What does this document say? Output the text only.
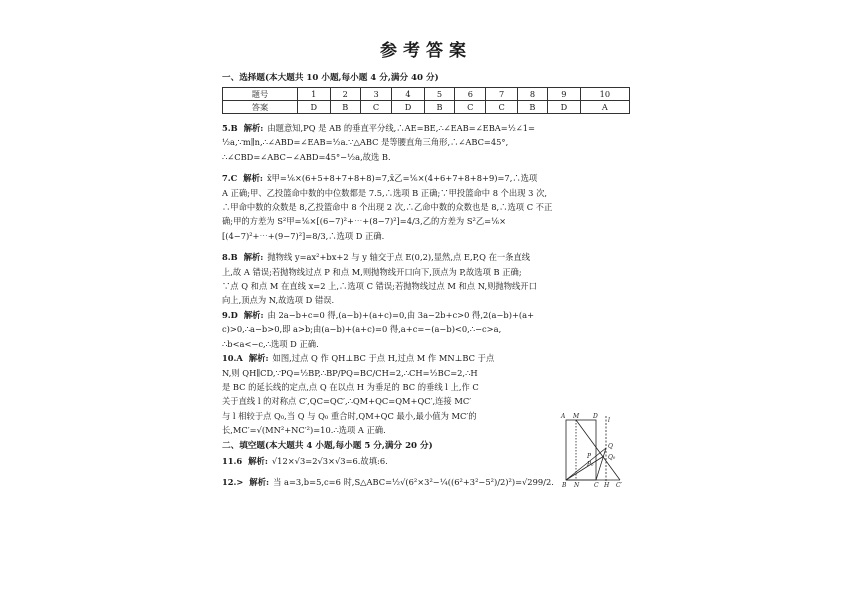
参考答案
一、选择题(本大题共 10 小题,每小题 4 分,满分 40 分)
题号	1	2	3	4	5	6	7	8	9	10
答案	D	B	C	D	B	C	C	B	D	A
5.B 解析: 由题意知,PQ 是 AB 的垂直平分线,∴AE=BE,∴∠EAB=∠EBA=½∠1=
½a,∵m∥n,∴∠ABD=∠EAB=½a.∵△ABC 是等腰直角三角形,∴∠ABC=45°,
∴∠CBD=∠ABC−∠ABD=45°−½a,故选 B.
7.C 解析: x̄甲=⅙×(6+5+8+7+8+8)=7,x̄乙=⅙×(4+6+7+8+8+9)=7,∴选项
A 正确;甲、乙投篮命中数的中位数都是 7.5,∴选项 B 正确;∵甲投篮命中 8 个出现 3 次,
∴甲命中数的众数是 8,乙投篮命中 8 个出现 2 次,∴乙命中数的众数也是 8,∴选项 C 不正
确;甲的方差为 S²甲=⅙×[(6−7)²+⋯+(8−7)²]=4/3,乙的方差为 S²乙=⅙×
[(4−7)²+⋯+(9−7)²]=8/3,∴选项 D 正确.
8.B 解析: 抛物线 y=ax²+bx+2 与 y 轴交于点 E(0,2),显然,点 E,P,Q 在一条直线
上,故 A 错误;若抛物线过点 P 和点 M,则抛物线开口向下,顶点为 P,故选项 B 正确;
∵点 Q 和点 M 在直线 x=2 上,∴选项 C 错误;若抛物线过点 M 和点 N,则抛物线开口
向上,顶点为 N,故选项 D 错误.
9.D 解析: 由 2a−b+c=0 得,(a−b)+(a+c)=0,由 3a−2b+c>0 得,2(a−b)+(a+
c)>0,∴a−b>0,即 a>b;由(a−b)+(a+c)=0 得,a+c=−(a−b)<0,∴−c>a,
∴b<a<−c,∴选项 D 正确.
10.A 解析: 如图,过点 Q 作 QH⊥BC 于点 H,过点 M 作 MN⊥BC 于点
N,则 QH∥CD,∵PQ=½BP,∴BP/PQ=BC/CH=2,∴CH=½BC=2,∴H
是 BC 的延长线的定点,点 Q 在以点 H 为垂足的 BC 的垂线 l 上,作 C
关于直线 l 的对称点 C′,QC=QC′,∴QM+QC=QM+QC′,连接 MC′
与 l 相较于点 Q₀,当 Q 与 Q₀ 重合时,QM+QC 最小,最小值为 MC′的
长,MC′=√(MN²+NC′²)=10.∴选项 A 正确.
二、填空题(本大题共 4 小题,每小题 5 分,满分 20 分)
11.6 解析: √12×√3=2√3×√3=6.故填:6.
12.> 解析: 当 a=3,b=5,c=6 时,S△ABC=½√(6²×3²−¼((6²+3²−5²)/2)²)=√299/2.
A M D
l
Q
Q₀
P
P₀
B N C H C′
